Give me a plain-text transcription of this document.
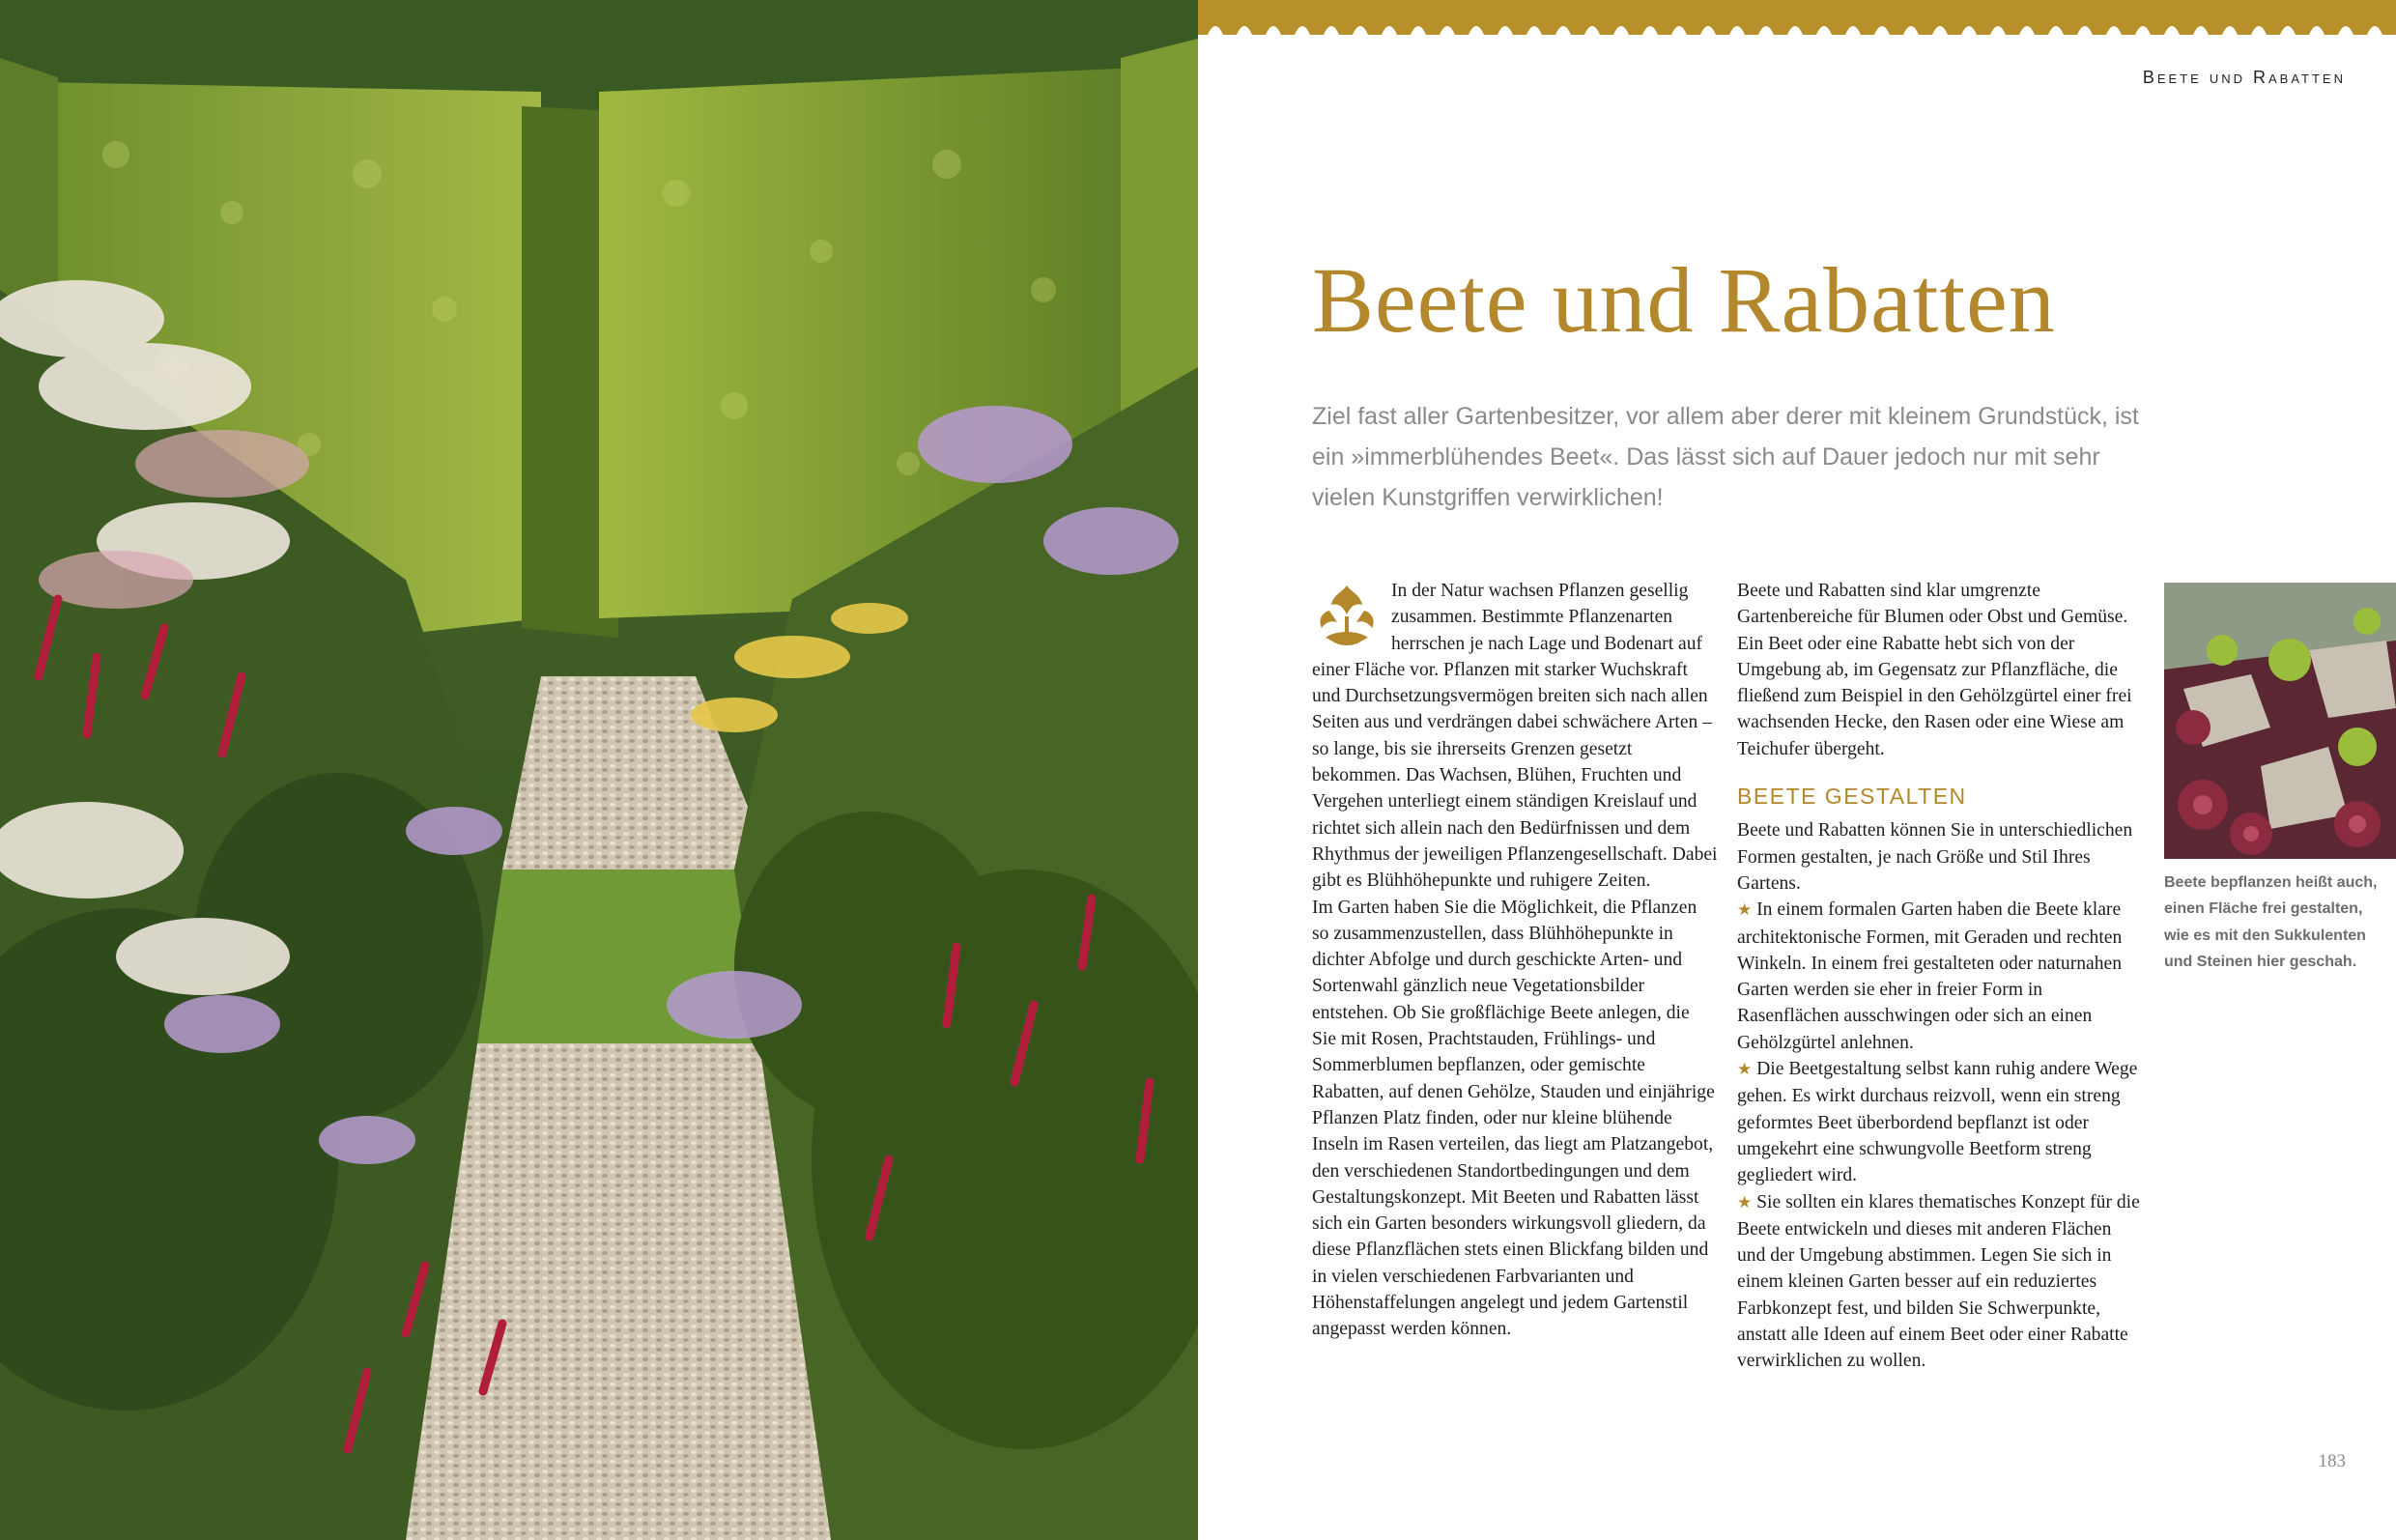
Beete und Rabatten
Beete und Rabatten

Ziel fast aller Gartenbesitzer, vor allem aber derer mit kleinem Grundstück, ist ein »immerblühendes Beet«. Das lässt sich auf Dauer jedoch nur mit sehr vielen Kunstgriffen verwirklichen!

In der Natur wachsen Pflanzen gesellig zusammen. Bestimmte Pflanzenarten herrschen je nach Lage und Bodenart auf einer Fläche vor. Pflanzen mit starker Wuchskraft und Durchsetzungsvermögen breiten sich nach allen Seiten aus und verdrängen dabei schwächere Arten – so lange, bis sie ihrerseits Grenzen gesetzt bekommen. Das Wachsen, Blühen, Fruchten und Vergehen unterliegt einem ständigen Kreislauf und richtet sich allein nach den Bedürfnissen und dem Rhythmus der jeweiligen Pflanzengesellschaft. Dabei gibt es Blühhöhepunkte und ruhigere Zeiten.

Im Garten haben Sie die Möglichkeit, die Pflanzen so zusammenzustellen, dass Blühhöhepunkte in dichter Abfolge und durch geschickte Arten- und Sortenwahl gänzlich neue Vegetationsbilder entstehen. Ob Sie großflächige Beete anlegen, die Sie mit Rosen, Prachtstauden, Frühlings- und Sommerblumen bepflanzen, oder gemischte Rabatten, auf denen Gehölze, Stauden und einjährige Pflanzen Platz finden, oder nur kleine blühende Inseln im Rasen verteilen, das liegt am Platzangebot, den verschiedenen Standortbedingungen und dem Gestaltungskonzept. Mit Beeten und Rabatten lässt sich ein Garten besonders wirkungsvoll gliedern, da diese Pflanzflächen stets einen Blickfang bilden und in vielen verschiedenen Farbvarianten und Höhenstaffelungen angelegt und jedem Gartenstil angepasst werden können.

Beete und Rabatten sind klar umgrenzte Gartenbereiche für Blumen oder Obst und Gemüse. Ein Beet oder eine Rabatte hebt sich von der Umgebung ab, im Gegensatz zur Pflanzfläche, die fließend zum Beispiel in den Gehölzgürtel einer frei wachsenden Hecke, den Rasen oder eine Wiese am Teichufer übergeht.

BEETE GESTALTEN

Beete und Rabatten können Sie in unterschiedlichen Formen gestalten, je nach Größe und Stil Ihres Gartens.

★ In einem formalen Garten haben die Beete klare architektonische Formen, mit Geraden und rechten Winkeln. In einem frei gestalteten oder naturnahen Garten werden sie eher in freier Form in Rasenflächen ausschwingen oder sich an einen Gehölzgürtel anlehnen.

★ Die Beetgestaltung selbst kann ruhig andere Wege gehen. Es wirkt durchaus reizvoll, wenn ein streng geformtes Beet überbordend bepflanzt ist oder umgekehrt eine schwungvolle Beetform streng gegliedert wird.

★ Sie sollten ein klares thematisches Konzept für die Beete entwickeln und dieses mit anderen Flächen und der Umgebung abstimmen. Legen Sie sich in einem kleinen Garten besser auf ein reduziertes Farbkonzept fest, und bilden Sie Schwerpunkte, anstatt alle Ideen auf einem Beet oder einer Rabatte verwirklichen zu wollen.

Beete bepflanzen heißt auch, einen Fläche frei gestalten, wie es mit den Sukkulenten und Steinen hier geschah.

183
